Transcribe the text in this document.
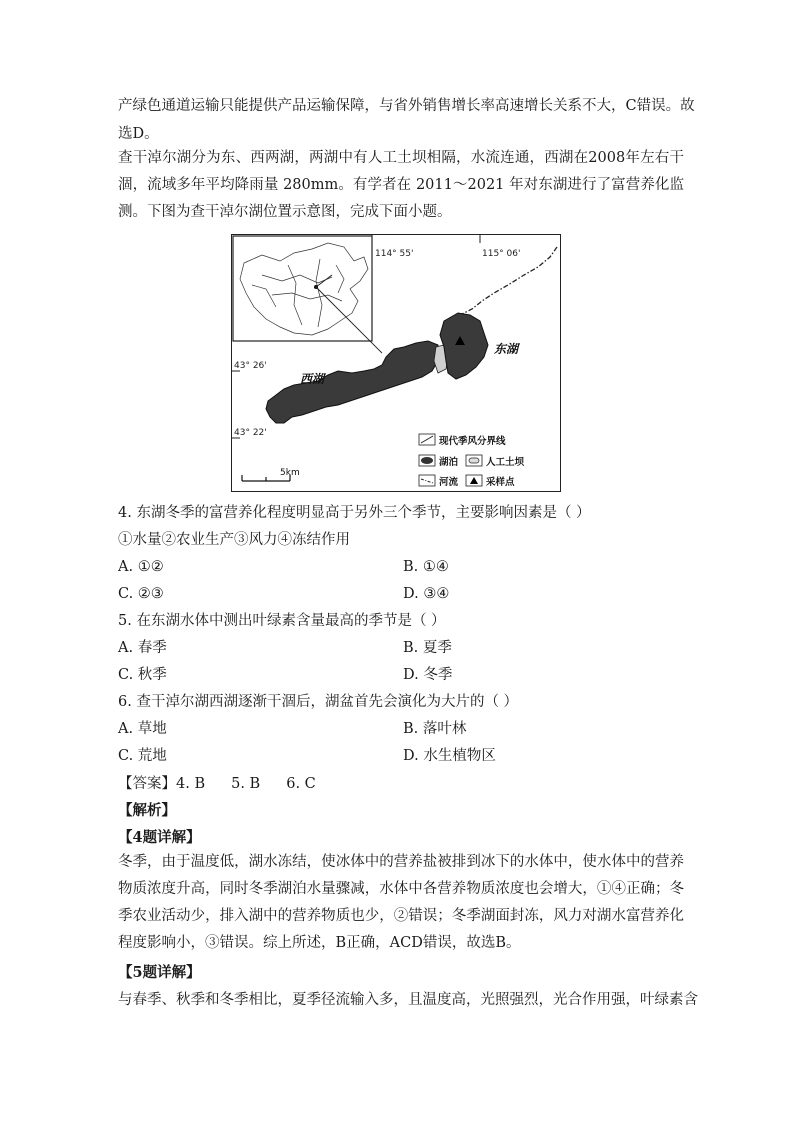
产绿色通道运输只能提供产品运输保障，与省外销售增长率高速增长关系不大，C错误。故
选D。

查干淖尔湖分为东、西两湖，两湖中有人工土坝相隔，水流连通，西湖在2008年左右干涸，流域多年平均降雨量 280mm。有学者在 2011～2021 年对东湖进行了富营养化监测。下图为查干淖尔湖位置示意图，完成下面小题。

114° 55'	115° 06'
43° 26'
43° 22'
东湖
西湖
5km
现代季风分界线
湖泊	人工土坝
河流	采样点
4. 东湖冬季的富营养化程度明显高于另外三个季节，主要影响因素是（ ）
①水量②农业生产③风力④冻结作用
A. ①②	B. ①④
C. ②③	D. ③④
5. 在东湖水体中测出叶绿素含量最高的季节是（ ）
A. 春季	B. 夏季
C. 秋季	D. 冬季
6. 查干淖尔湖西湖逐渐干涸后，湖盆首先会演化为大片的（ ）
A. 草地	B. 落叶林
C. 荒地	D. 水生植物区
【答案】4. B 5. B 6. C
【解析】
【4题详解】

冬季，由于温度低，湖水冻结，使冰体中的营养盐被排到冰下的水体中，使水体中的营养物质浓度升高，同时冬季湖泊水量骤减，水体中各营养物质浓度也会增大，①④正确；冬季农业活动少，排入湖中的营养物质也少，②错误；冬季湖面封冻，风力对湖水富营养化程度影响小，③错误。综上所述，B正确，ACD错误，故选B。

【5题详解】
与春季、秋季和冬季相比，夏季径流输入多，且温度高，光照强烈，光合作用强，叶绿素含
